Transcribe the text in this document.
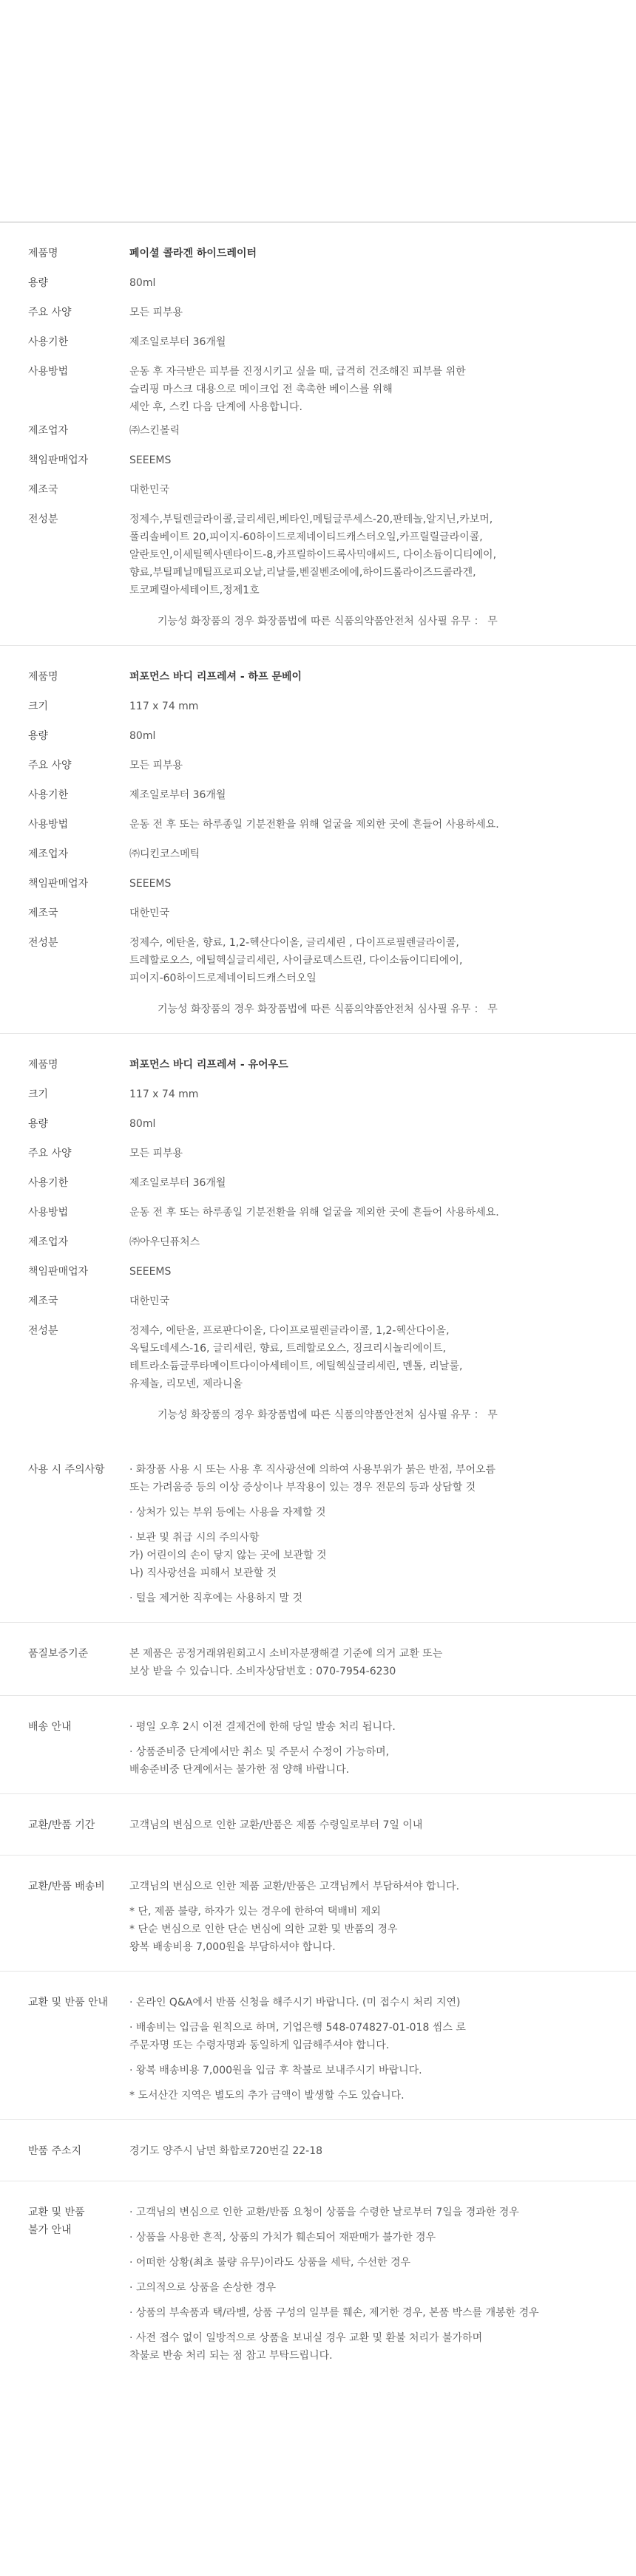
제품명	페이셜 콜라겐 하이드레이터
용량	80ml
주요 사양	모든 피부용
사용기한	제조일로부터 36개월
사용방법	운동 후 자극받은 피부를 진정시키고 싶을 때, 급격히 건조해진 피부를 위한
슬리핑 마스크 대용으로 메이크업 전 촉촉한 베이스를 위해
세안 후, 스킨 다음 단계에 사용합니다.
제조업자	㈜스킨볼릭
책임판매업자	SEEEMS
제조국	대한민국
전성분	정제수,부틸렌글라이콜,글리세린,베타인,메틸글루세스-20,판테놀,알지닌,카보머,
폴리솔베이트 20,피이지-60하이드로제네이티드캐스터오일,카프릴릴글라이콜,
알란토인,이세틸헥사덴타이드-8,카프릴하이드록사믹애씨드, 다이소듐이디티에이,
향료,부틸페닐메틸프로피오날,리날룰,벤질벤조에에,하이드롤라이즈드콜라겐,
토코페릴아세테이트,정제1호
기능성 화장품의 경우 화장품법에 따른 식품의약품안전처 심사필 유무 ： 무
제품명	퍼포먼스 바디 리프레셔 - 하프 문베이
크기	117 x 74 mm
용량	80ml
주요 사양	모든 피부용
사용기한	제조일로부터 36개월
사용방법	운동 전 후 또는 하루종일 기분전환을 위해 얼굴을 제외한 곳에 흔들어 사용하세요.
제조업자	㈜디킨코스메틱
책임판매업자	SEEEMS
제조국	대한민국
전성분	정제수, 에탄올, 향료, 1,2-헥산다이올, 글리세린 , 다이프로필렌글라이콜,
트레할로오스, 에틸헥실글리세린, 사이클로덱스트린, 다이소듐이디티에이,
피이지-60하이드로제네이티드캐스터오일
기능성 화장품의 경우 화장품법에 따른 식품의약품안전처 심사필 유무 ： 무
제품명	퍼포먼스 바디 리프레셔 - 유어우드
크기	117 x 74 mm
용량	80ml
주요 사양	모든 피부용
사용기한	제조일로부터 36개월
사용방법	운동 전 후 또는 하루종일 기분전환을 위해 얼굴을 제외한 곳에 흔들어 사용하세요.
제조업자	㈜아우딘퓨처스
책임판매업자	SEEEMS
제조국	대한민국
전성분	정제수, 에탄올, 프로판다이올, 다이프로필렌글라이콜, 1,2-헥산다이올,
옥틸도데세스-16, 글리세린, 향료, 트레할로오스, 징크리시놀리에이트,
테트라소듐글루타메이트다이아세테이트, 에틸헥실글리세린, 멘톨, 리날룰,
유제놀, 리모넨, 제라니올
기능성 화장품의 경우 화장품법에 따른 식품의약품안전처 심사필 유무 ： 무
사용 시 주의사항	· 화장품 사용 시 또는 사용 후 직사광선에 의하여 사용부위가 붉은 반점, 부어오름
또는 가려움증 등의 이상 증상이나 부작용이 있는 경우 전문의 등과 상담할 것
· 상처가 있는 부위 등에는 사용을 자제할 것
· 보관 및 취급 시의 주의사항
가) 어린이의 손이 닿지 않는 곳에 보관할 것
나) 직사광선을 피해서 보관할 것
· 털을 제거한 직후에는 사용하지 말 것
품질보증기준	본 제품은 공정거래위원회고시 소비자분쟁해결 기준에 의거 교환 또는
보상 받을 수 있습니다. 소비자상담번호 : 070-7954-6230
배송 안내	· 평일 오후 2시 이전 결제건에 한해 당일 발송 처리 됩니다.
· 상품준비중 단계에서만 취소 및 주문서 수정이 가능하며,
배송준비중 단계에서는 불가한 점 양해 바랍니다.
교환/반품 기간	고객님의 변심으로 인한 교환/반품은 제품 수령일로부터 7일 이내
교환/반품 배송비	고객님의 변심으로 인한 제품 교환/반품은 고객님께서 부담하셔야 합니다.
* 단, 제품 불량, 하자가 있는 경우에 한하여 택배비 제외
* 단순 변심으로 인한 단순 변심에 의한 교환 및 반품의 경우
왕복 배송비용 7,000원을 부담하셔야 합니다.
교환 및 반품 안내	· 온라인 Q&A에서 반품 신청을 해주시기 바랍니다. (미 접수시 처리 지연)
· 배송비는 입금을 원칙으로 하며, 기업은행 548-074827-01-018 씸스 로
주문자명 또는 수령자명과 동일하게 입금해주셔야 합니다.
· 왕복 배송비용 7,000원을 입금 후 착불로 보내주시기 바랍니다.
* 도서산간 지역은 별도의 추가 금액이 발생할 수도 있습니다.
반품 주소지	경기도 양주시 남면 화합로720번길 22-18
교환 및 반품
불가 안내
· 고객님의 변심으로 인한 교환/반품 요청이 상품을 수령한 날로부터 7일을 경과한 경우
· 상품을 사용한 흔적, 상품의 가치가 훼손되어 재판매가 불가한 경우
· 어떠한 상황(최초 불량 유무)이라도 상품을 세탁, 수선한 경우
· 고의적으로 상품을 손상한 경우
· 상품의 부속품과 택/라벨, 상품 구성의 일부를 훼손, 제거한 경우, 본품 박스를 개봉한 경우
· 사전 접수 없이 일방적으로 상품을 보내실 경우 교환 및 환불 처리가 불가하며
착불로 반송 처리 되는 점 참고 부탁드립니다.
